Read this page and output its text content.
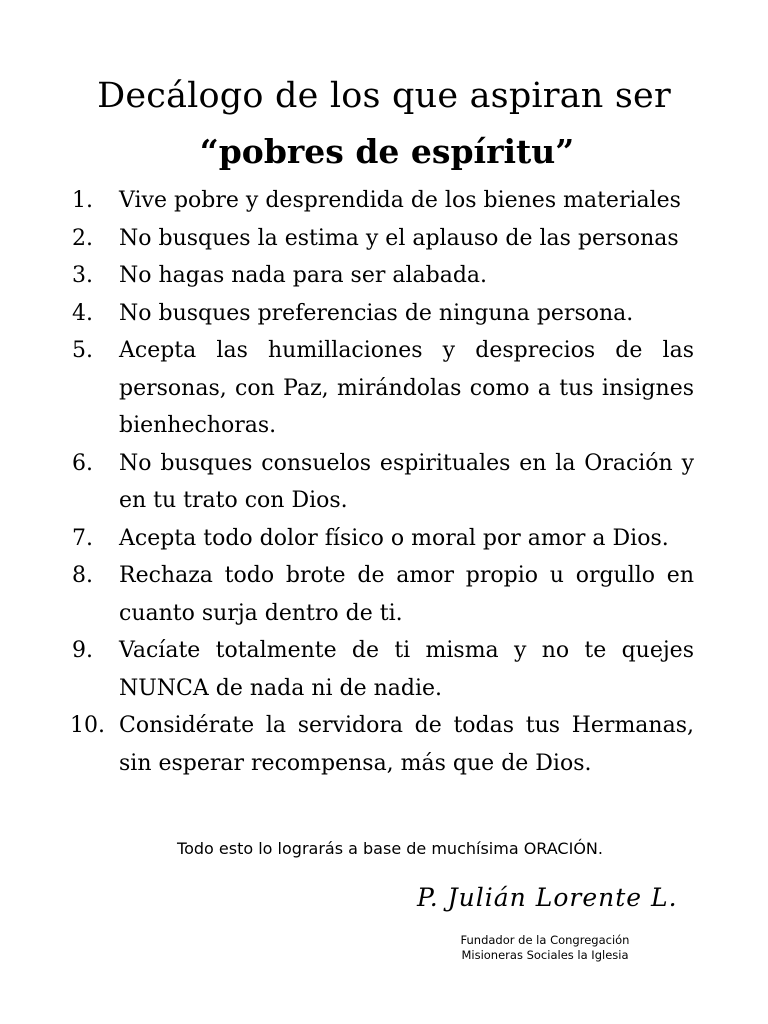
Decálogo de los que aspiran ser
“pobres de espíritu”
1. Vive pobre y desprendida de los bienes materiales
2. No busques la estima y el aplauso de las personas
3. No hagas nada para ser alabada.
4. No busques preferencias de ninguna persona.
5. Acepta las humillaciones y desprecios de las personas, con Paz, mirándolas como a tus insignes bienhechoras.
6. No busques consuelos espirituales en la Oración y en tu trato con Dios.
7. Acepta todo dolor físico o moral por amor a Dios.
8. Rechaza todo brote de amor propio u orgullo en cuanto surja dentro de ti.
9. Vacíate totalmente de ti misma y no te quejes NUNCA de nada ni de nadie.
10. Considérate la servidora de todas tus Hermanas, sin esperar recompensa, más que de Dios.
Todo esto lo lograrás a base de muchísima ORACIÓN.
P. Julián Lorente L.
Fundador de la Congregación
Misioneras Sociales la Iglesia
